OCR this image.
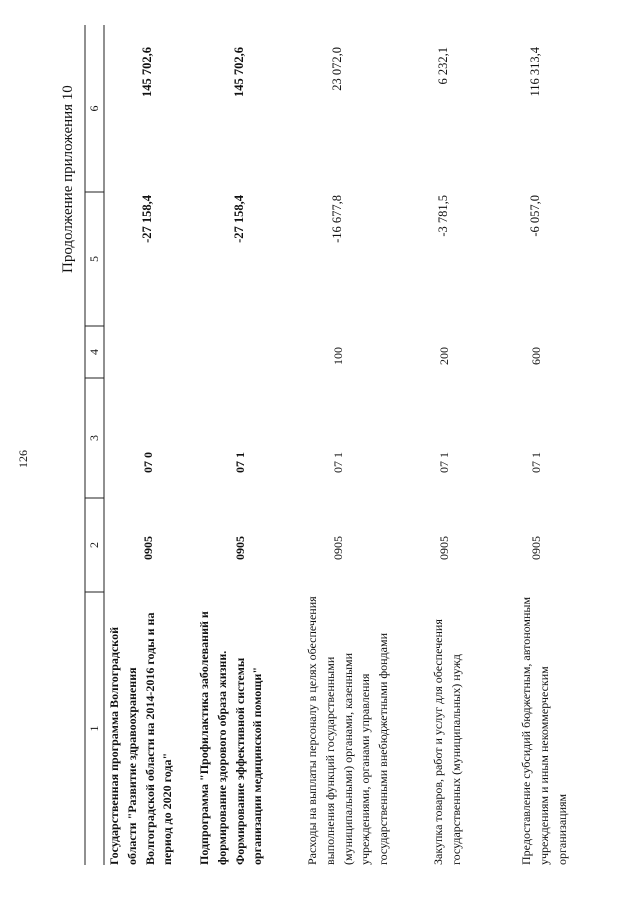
126
Продолжение приложения 10
1
2
3
4
5
6
Государственная программа Волгоградской области "Развитие здравоохранения Волгоградской области на 2014-2016 годы и на период до 2020 года"
0905
07 0
-27 158,4
145 702,6
Подпрограмма "Профилактика заболеваний и формирование здорового образа жизни. Формирование эффективной системы организации медицинской помощи"
0905
07 1
-27 158,4
145 702,6
Расходы на выплаты персоналу в целях обеспечения выполнения функций государственными (муниципальными) органами, казенными учреждениями, органами управления государственными внебюджетными фондами
0905
07 1
100
-16 677,8
23 072,0
Закупка товаров, работ и услуг для обеспечения государственных (муниципальных) нужд
0905
07 1
200
-3 781,5
6 232,1
Предоставление субсидий бюджетным, автономным учреждениям и иным некоммерческим организациям
0905
07 1
600
-6 057,0
116 313,4
